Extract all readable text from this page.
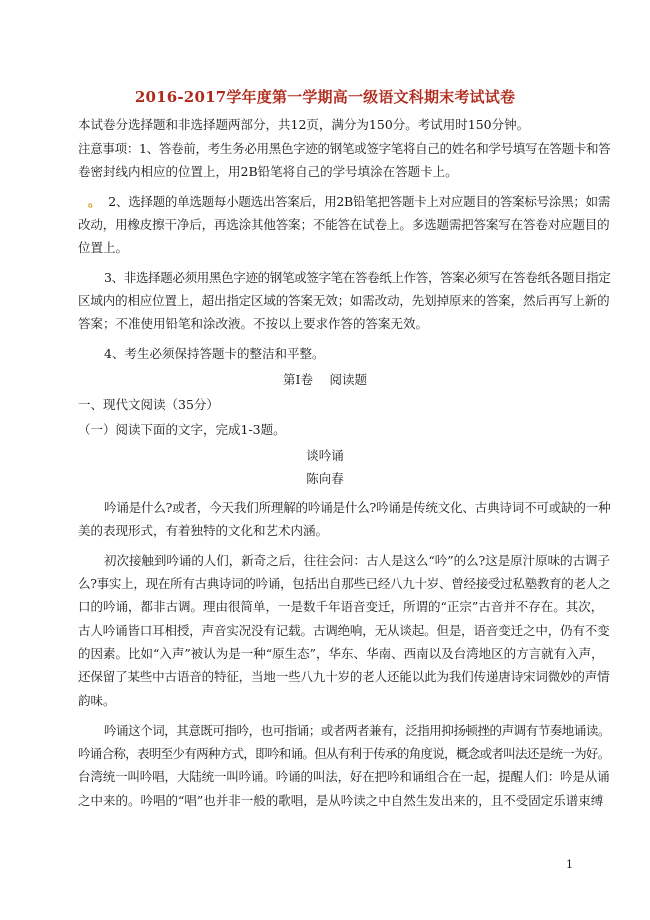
2016-2017学年度第一学期高一级语文科期末考试试卷
本试卷分选择题和非选择题两部分，共12页，满分为150分。考试用时150分钟。
注意事项：1、答卷前，考生务必用黑色字迹的钢笔或签字笔将自己的姓名和学号填写在答题卡和答
卷密封线内相应的位置上，用2B铅笔将自己的学号填涂在答题卡上。
。 2、选择题的单选题每小题选出答案后，用2B铅笔把答题卡上对应题目的答案标号涂黑；如需
改动，用橡皮擦干净后，再选涂其他答案；不能答在试卷上。多选题需把答案写在答卷对应题目的
位置上。
3、非选择题必须用黑色字迹的钢笔或签字笔在答卷纸上作答，答案必须写在答卷纸各题目指定
区域内的相应位置上，超出指定区域的答案无效；如需改动，先划掉原来的答案，然后再写上新的
答案；不准使用铅笔和涂改液。不按以上要求作答的答案无效。
4、考生必须保持答题卡的整洁和平整。
第Ⅰ卷　 阅读题
一、现代文阅读（35分）
（一）阅读下面的文字，完成1-3题。
谈吟诵
陈向春
吟诵是什么?或者，今天我们所理解的吟诵是什么?吟诵是传统文化、古典诗词不可或缺的一种
美的表现形式，有着独特的文化和艺术内涵。
初次接触到吟诵的人们，新奇之后，往往会问：古人是这么“吟”的么?这是原汁原味的古调子
么?事实上，现在所有古典诗词的吟诵，包括出自那些已经八九十岁、曾经接受过私塾教育的老人之
口的吟诵，都非古调。理由很简单，一是数千年语音变迁，所谓的“正宗”古音并不存在。其次，
古人吟诵皆口耳相授，声音实况没有记载。古调绝响，无从谈起。但是，语音变迁之中，仍有不变
的因素。比如“入声”被认为是一种“原生态”，华东、华南、西南以及台湾地区的方言就有入声，
还保留了某些中古语音的特征，当地一些八九十岁的老人还能以此为我们传递唐诗宋词微妙的声情
韵味。
吟诵这个词，其意既可指吟，也可指诵；或者两者兼有，泛指用抑扬顿挫的声调有节奏地诵读。
吟诵合称，表明至少有两种方式，即吟和诵。但从有利于传承的角度说，概念或者叫法还是统一为好。
台湾统一叫吟唱，大陆统一叫吟诵。吟诵的叫法，好在把吟和诵组合在一起，提醒人们：吟是从诵
之中来的。吟唱的“唱”也并非一般的歌唱，是从吟读之中自然生发出来的，且不受固定乐谱束缚
1
